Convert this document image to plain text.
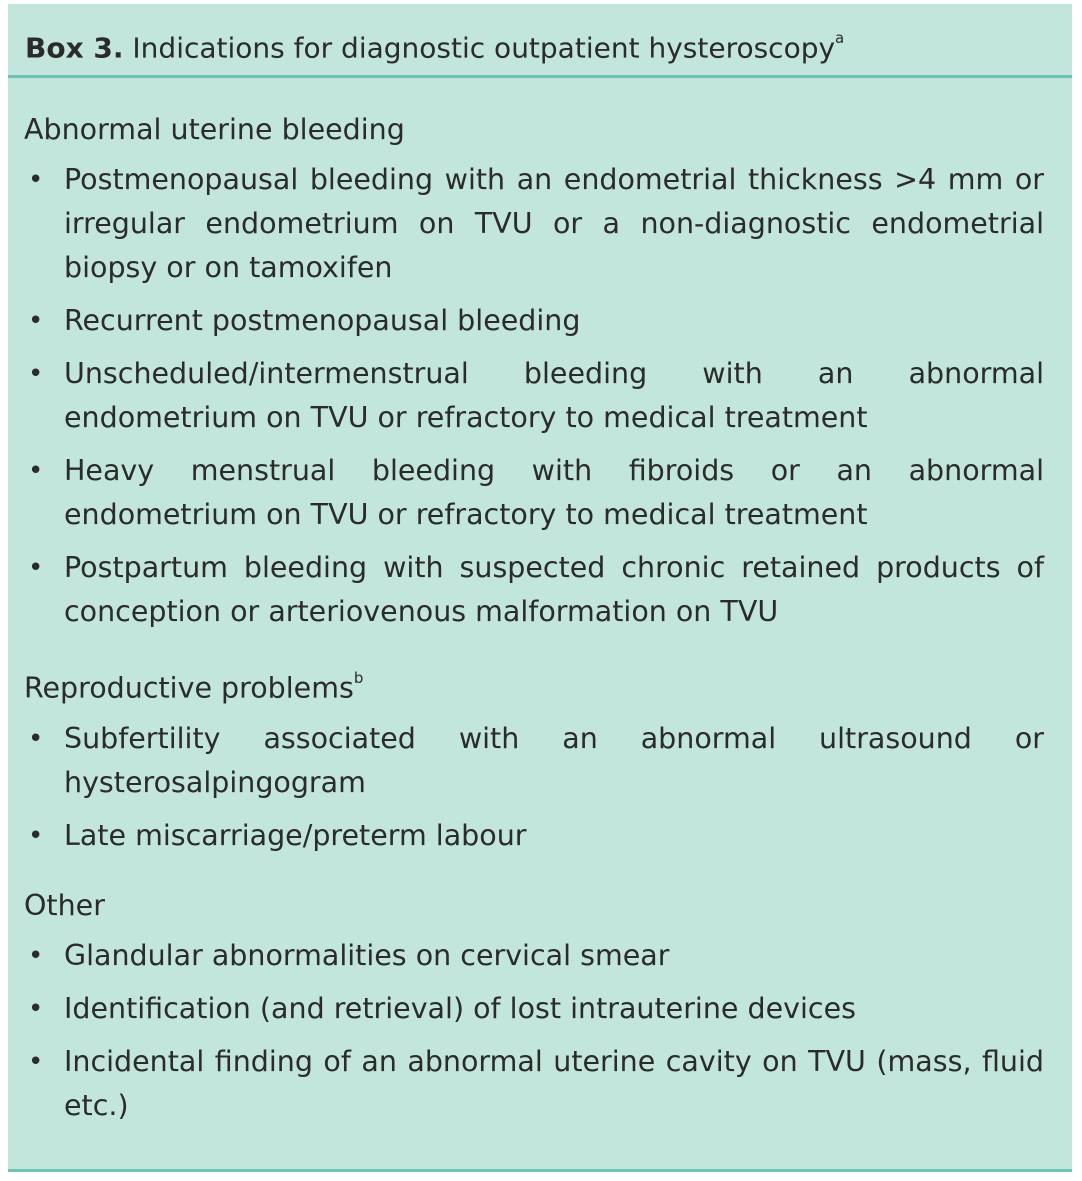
Box 3. Indications for diagnostic outpatient hysteroscopy$^a$
Abnormal uterine bleeding
• Postmenopausal bleeding with an endometrial thickness >4 mm or irregular endometrium on TVU or a non-diagnostic endometrial biopsy or on tamoxifen
• Recurrent postmenopausal bleeding
• Unscheduled/intermenstrual bleeding with an abnormal endometrium on TVU or refractory to medical treatment
• Heavy menstrual bleeding with fibroids or an abnormal endometrium on TVU or refractory to medical treatment
• Postpartum bleeding with suspected chronic retained products of conception or arteriovenous malformation on TVU
Reproductive problems$^b$
• Subfertility associated with an abnormal ultrasound or hysterosalpingogram
• Late miscarriage/preterm labour
Other
• Glandular abnormalities on cervical smear
• Identification (and retrieval) of lost intrauterine devices
• Incidental finding of an abnormal uterine cavity on TVU (mass, fluid etc.)
